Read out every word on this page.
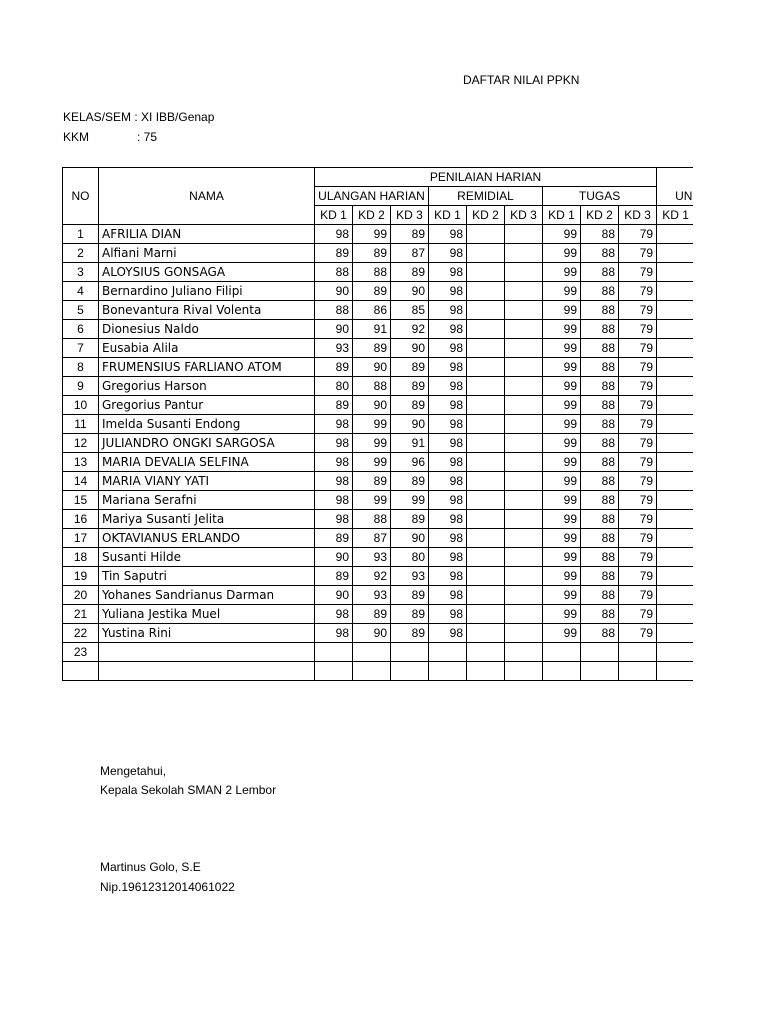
DAFTAR NILAI PPKN
KELAS/SEM : XI IBB/Genap
KKM	: 75
NO	NAMA	PENILAIAN HARIAN										
		ULANGAN HARIAN			REMIDIAL			TUGAS			UN	
		KD 1	KD 2	KD 3	KD 1	KD 2	KD 3	KD 1	KD 2	KD 3	KD 1	
1	AFRILIA DIAN	98	99	89	98			99	88	79		
2	Alfiani Marni	89	89	87	98			99	88	79		
3	ALOYSIUS GONSAGA	88	88	89	98			99	88	79		
4	Bernardino Juliano Filipi	90	89	90	98			99	88	79		
5	Bonevantura Rival Volenta	88	86	85	98			99	88	79		
6	Dionesius Naldo	90	91	92	98			99	88	79		
7	Eusabia Alila	93	89	90	98			99	88	79		
8	FRUMENSIUS FARLIANO ATOM	89	90	89	98			99	88	79		
9	Gregorius Harson	80	88	89	98			99	88	79		
10	Gregorius Pantur	89	90	89	98			99	88	79		
11	Imelda Susanti Endong	98	99	90	98			99	88	79		
12	JULIANDRO ONGKI SARGOSA	98	99	91	98			99	88	79		
13	MARIA DEVALIA SELFINA	98	99	96	98			99	88	79		
14	MARIA VIANY YATI	98	89	89	98			99	88	79		
15	Mariana Serafni	98	99	99	98			99	88	79		
16	Mariya Susanti Jelita	98	88	89	98			99	88	79		
17	OKTAVIANUS ERLANDO	89	87	90	98			99	88	79		
18	Susanti Hilde	90	93	80	98			99	88	79		
19	Tin Saputri	89	92	93	98			99	88	79		
20	Yohanes Sandrianus Darman	90	93	89	98			99	88	79		
21	Yuliana Jestika Muel	98	89	89	98			99	88	79		
22	Yustina Rini	98	90	89	98			99	88	79		
23												

Mengetahui,
Kepala Sekolah SMAN 2 Lembor
Martinus Golo, S.E
Nip.19612312014061022
